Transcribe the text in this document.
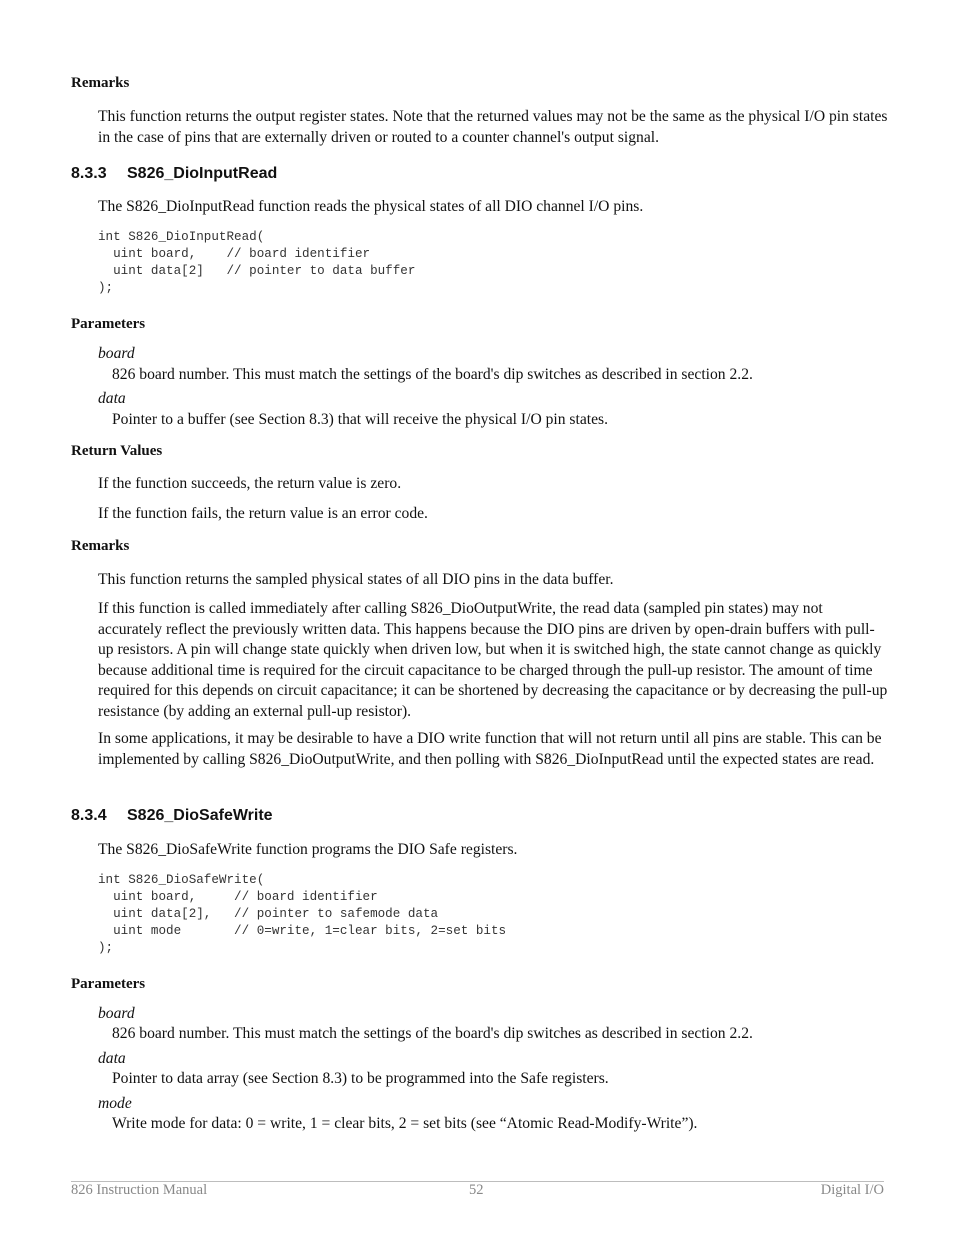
Remarks
This function returns the output register states. Note that the returned values may not be the same as the physical I/O pin states in the case of pins that are externally driven or routed to a counter channel's output signal.
8.3.3 S826_DioInputRead
The S826_DioInputRead function reads the physical states of all DIO channel I/O pins.
int S826_DioInputRead(
uint board,    // board identifier
uint data[2]   // pointer to data buffer
);
Parameters
board
826 board number. This must match the settings of the board's dip switches as described in section 2.2.
data
Pointer to a buffer (see Section 8.3) that will receive the physical I/O pin states.
Return Values
If the function succeeds, the return value is zero.
If the function fails, the return value is an error code.
Remarks
This function returns the sampled physical states of all DIO pins in the data buffer.
If this function is called immediately after calling S826_DioOutputWrite, the read data (sampled pin states) may not accurately reflect the previously written data. This happens because the DIO pins are driven by open-drain buffers with pull-up resistors. A pin will change state quickly when driven low, but when it is switched high, the state cannot change as quickly because additional time is required for the circuit capacitance to be charged through the pull-up resistor. The amount of time required for this depends on circuit capacitance; it can be shortened by decreasing the capacitance or by decreasing the pull-up resistance (by adding an external pull-up resistor).
In some applications, it may be desirable to have a DIO write function that will not return until all pins are stable. This can be implemented by calling S826_DioOutputWrite, and then polling with S826_DioInputRead until the expected states are read.
8.3.4 S826_DioSafeWrite
The S826_DioSafeWrite function programs the DIO Safe registers.
int S826_DioSafeWrite(
uint board,     // board identifier
uint data[2],   // pointer to safemode data
uint mode       // 0=write, 1=clear bits, 2=set bits
);
Parameters
board
826 board number. This must match the settings of the board's dip switches as described in section 2.2.
data
Pointer to data array (see Section 8.3) to be programmed into the Safe registers.
mode
Write mode for data: 0 = write, 1 = clear bits, 2 = set bits (see “Atomic Read-Modify-Write”).
826 Instruction Manual	52	Digital I/O
